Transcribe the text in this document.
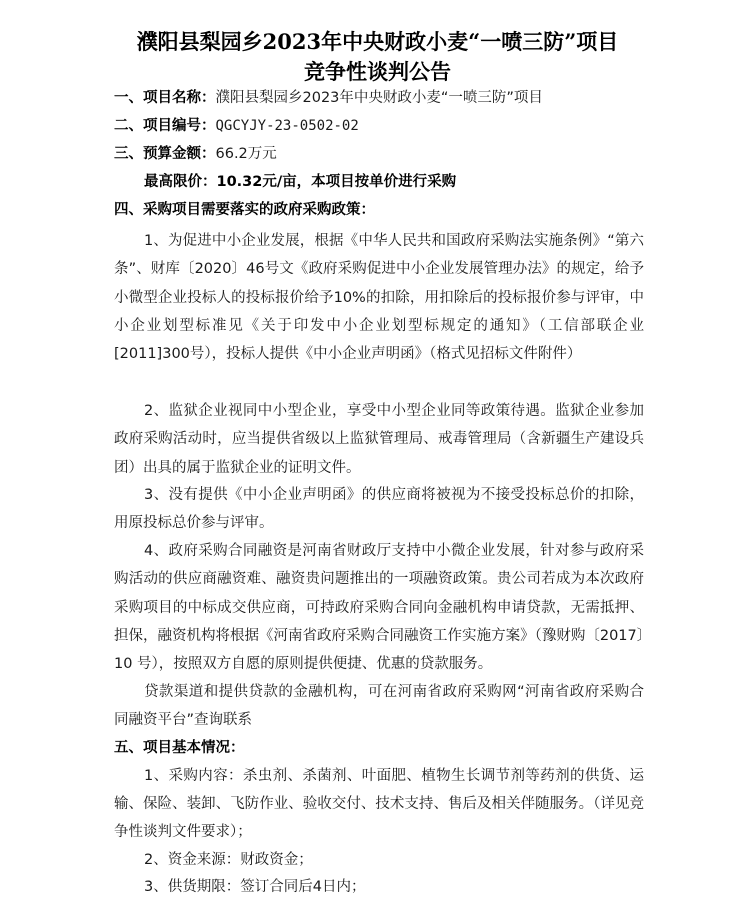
濮阳县梨园乡2023年中央财政小麦“一喷三防”项目
竞争性谈判公告
一、项目名称：濮阳县梨园乡2023年中央财政小麦“一喷三防”项目
二、项目编号：QGCYJY-23-0502-02
三、预算金额：66.2万元
最高限价：10.32元/亩，本项目按单价进行采购
四、采购项目需要落实的政府采购政策：
1、为促进中小企业发展，根据《中华人民共和国政府采购法实施条例》“第六条”、财库〔2020〕46号文《政府采购促进中小企业发展管理办法》的规定，给予小微型企业投标人的投标报价给予10%的扣除，用扣除后的投标报价参与评审，中小企业划型标准见《关于印发中小企业划型标规定的通知》（工信部联企业[2011]300号），投标人提供《中小企业声明函》（格式见招标文件附件）
2、监狱企业视同中小型企业，享受中小型企业同等政策待遇。监狱企业参加政府采购活动时，应当提供省级以上监狱管理局、戒毒管理局（含新疆生产建设兵团）出具的属于监狱企业的证明文件。
3、没有提供《中小企业声明函》的供应商将被视为不接受投标总价的扣除，用原投标总价参与评审。
4、政府采购合同融资是河南省财政厅支持中小微企业发展，针对参与政府采购活动的供应商融资难、融资贵问题推出的一项融资政策。贵公司若成为本次政府采购项目的中标成交供应商，可持政府采购合同向金融机构申请贷款，无需抵押、担保，融资机构将根据《河南省政府采购合同融资工作实施方案》（豫财购〔2017〕10 号），按照双方自愿的原则提供便捷、优惠的贷款服务。
贷款渠道和提供贷款的金融机构，可在河南省政府采购网“河南省政府采购合同融资平台”查询联系
五、项目基本情况：
1、采购内容：杀虫剂、杀菌剂、叶面肥、植物生长调节剂等药剂的供货、运输、保险、装卸、飞防作业、验收交付、技术支持、售后及相关伴随服务。（详见竞争性谈判文件要求）；
2、资金来源：财政资金；
3、供货期限：签订合同后4日内；
